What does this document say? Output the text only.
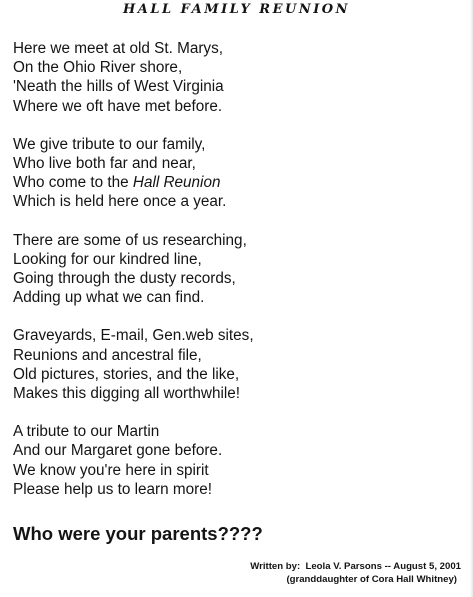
HALL FAMILY REUNION
Here we meet at old St. Marys,
On the Ohio River shore,
'Neath the hills of West Virginia
Where we oft have met before.
We give tribute to our family,
Who live both far and near,
Who come to the Hall Reunion
Which is held here once a year.
There are some of us researching,
Looking for our kindred line,
Going through the dusty records,
Adding up what we can find.
Graveyards, E-mail, Gen.web sites,
Reunions and ancestral file,
Old pictures, stories, and the like,
Makes this digging all worthwhile!
A tribute to our Martin
And our Margaret gone before.
We know you're here in spirit
Please help us to learn more!
Who were your parents????
Written by:  Leola V. Parsons -- August 5, 2001
(granddaughter of Cora Hall Whitney)
